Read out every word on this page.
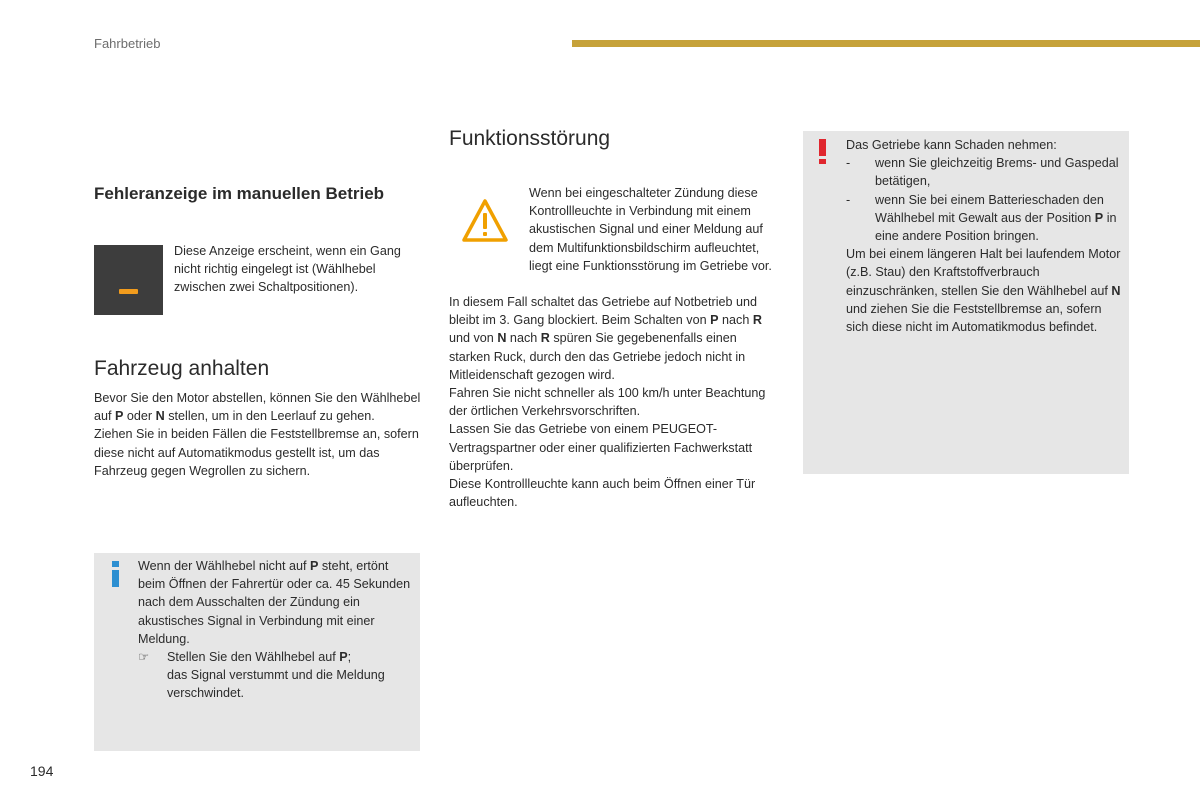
Fahrbetrieb
Fehleranzeige im manuellen Betrieb

Diese Anzeige erscheint, wenn ein Gang nicht richtig eingelegt ist (Wählhebel zwischen zwei Schaltpositionen).

Fahrzeug anhalten

Bevor Sie den Motor abstellen, können Sie den Wählhebel auf P oder N stellen, um in den Leerlauf zu gehen.

Ziehen Sie in beiden Fällen die Feststellbremse an, sofern diese nicht auf Automatikmodus gestellt ist, um das Fahrzeug gegen Wegrollen zu sichern.

Wenn der Wählhebel nicht auf P steht, ertönt beim Öffnen der Fahrertür oder ca. 45 Sekunden nach dem Ausschalten der Zündung ein akustisches Signal in Verbindung mit einer Meldung.
☞ Stellen Sie den Wählhebel auf P;
das Signal verstummt und die Meldung verschwindet.
Funktionsstörung

Wenn bei eingeschalteter Zündung diese Kontrollleuchte in Verbindung mit einem akustischen Signal und einer Meldung auf dem Multifunktionsbildschirm aufleuchtet, liegt eine Funktionsstörung im Getriebe vor.

In diesem Fall schaltet das Getriebe auf Notbetrieb und bleibt im 3. Gang blockiert. Beim Schalten von P nach R und von N nach R spüren Sie gegebenenfalls einen starken Ruck, durch den das Getriebe jedoch nicht in Mitleidenschaft gezogen wird.

Fahren Sie nicht schneller als 100 km/h unter Beachtung der örtlichen Verkehrsvorschriften.

Lassen Sie das Getriebe von einem PEUGEOT-Vertragspartner oder einer qualifizierten Fachwerkstatt überprüfen.

Diese Kontrollleuchte kann auch beim Öffnen einer Tür aufleuchten.

Das Getriebe kann Schaden nehmen:
- wenn Sie gleichzeitig Brems- und Gaspedal betätigen,
- wenn Sie bei einem Batterieschaden den Wählhebel mit Gewalt aus der Position P in eine andere Position bringen.
Um bei einem längeren Halt bei laufendem Motor (z.B. Stau) den Kraftstoffverbrauch einzuschränken, stellen Sie den Wählhebel auf N und ziehen Sie die Feststellbremse an, sofern sich diese nicht im Automatikmodus befindet.
194
